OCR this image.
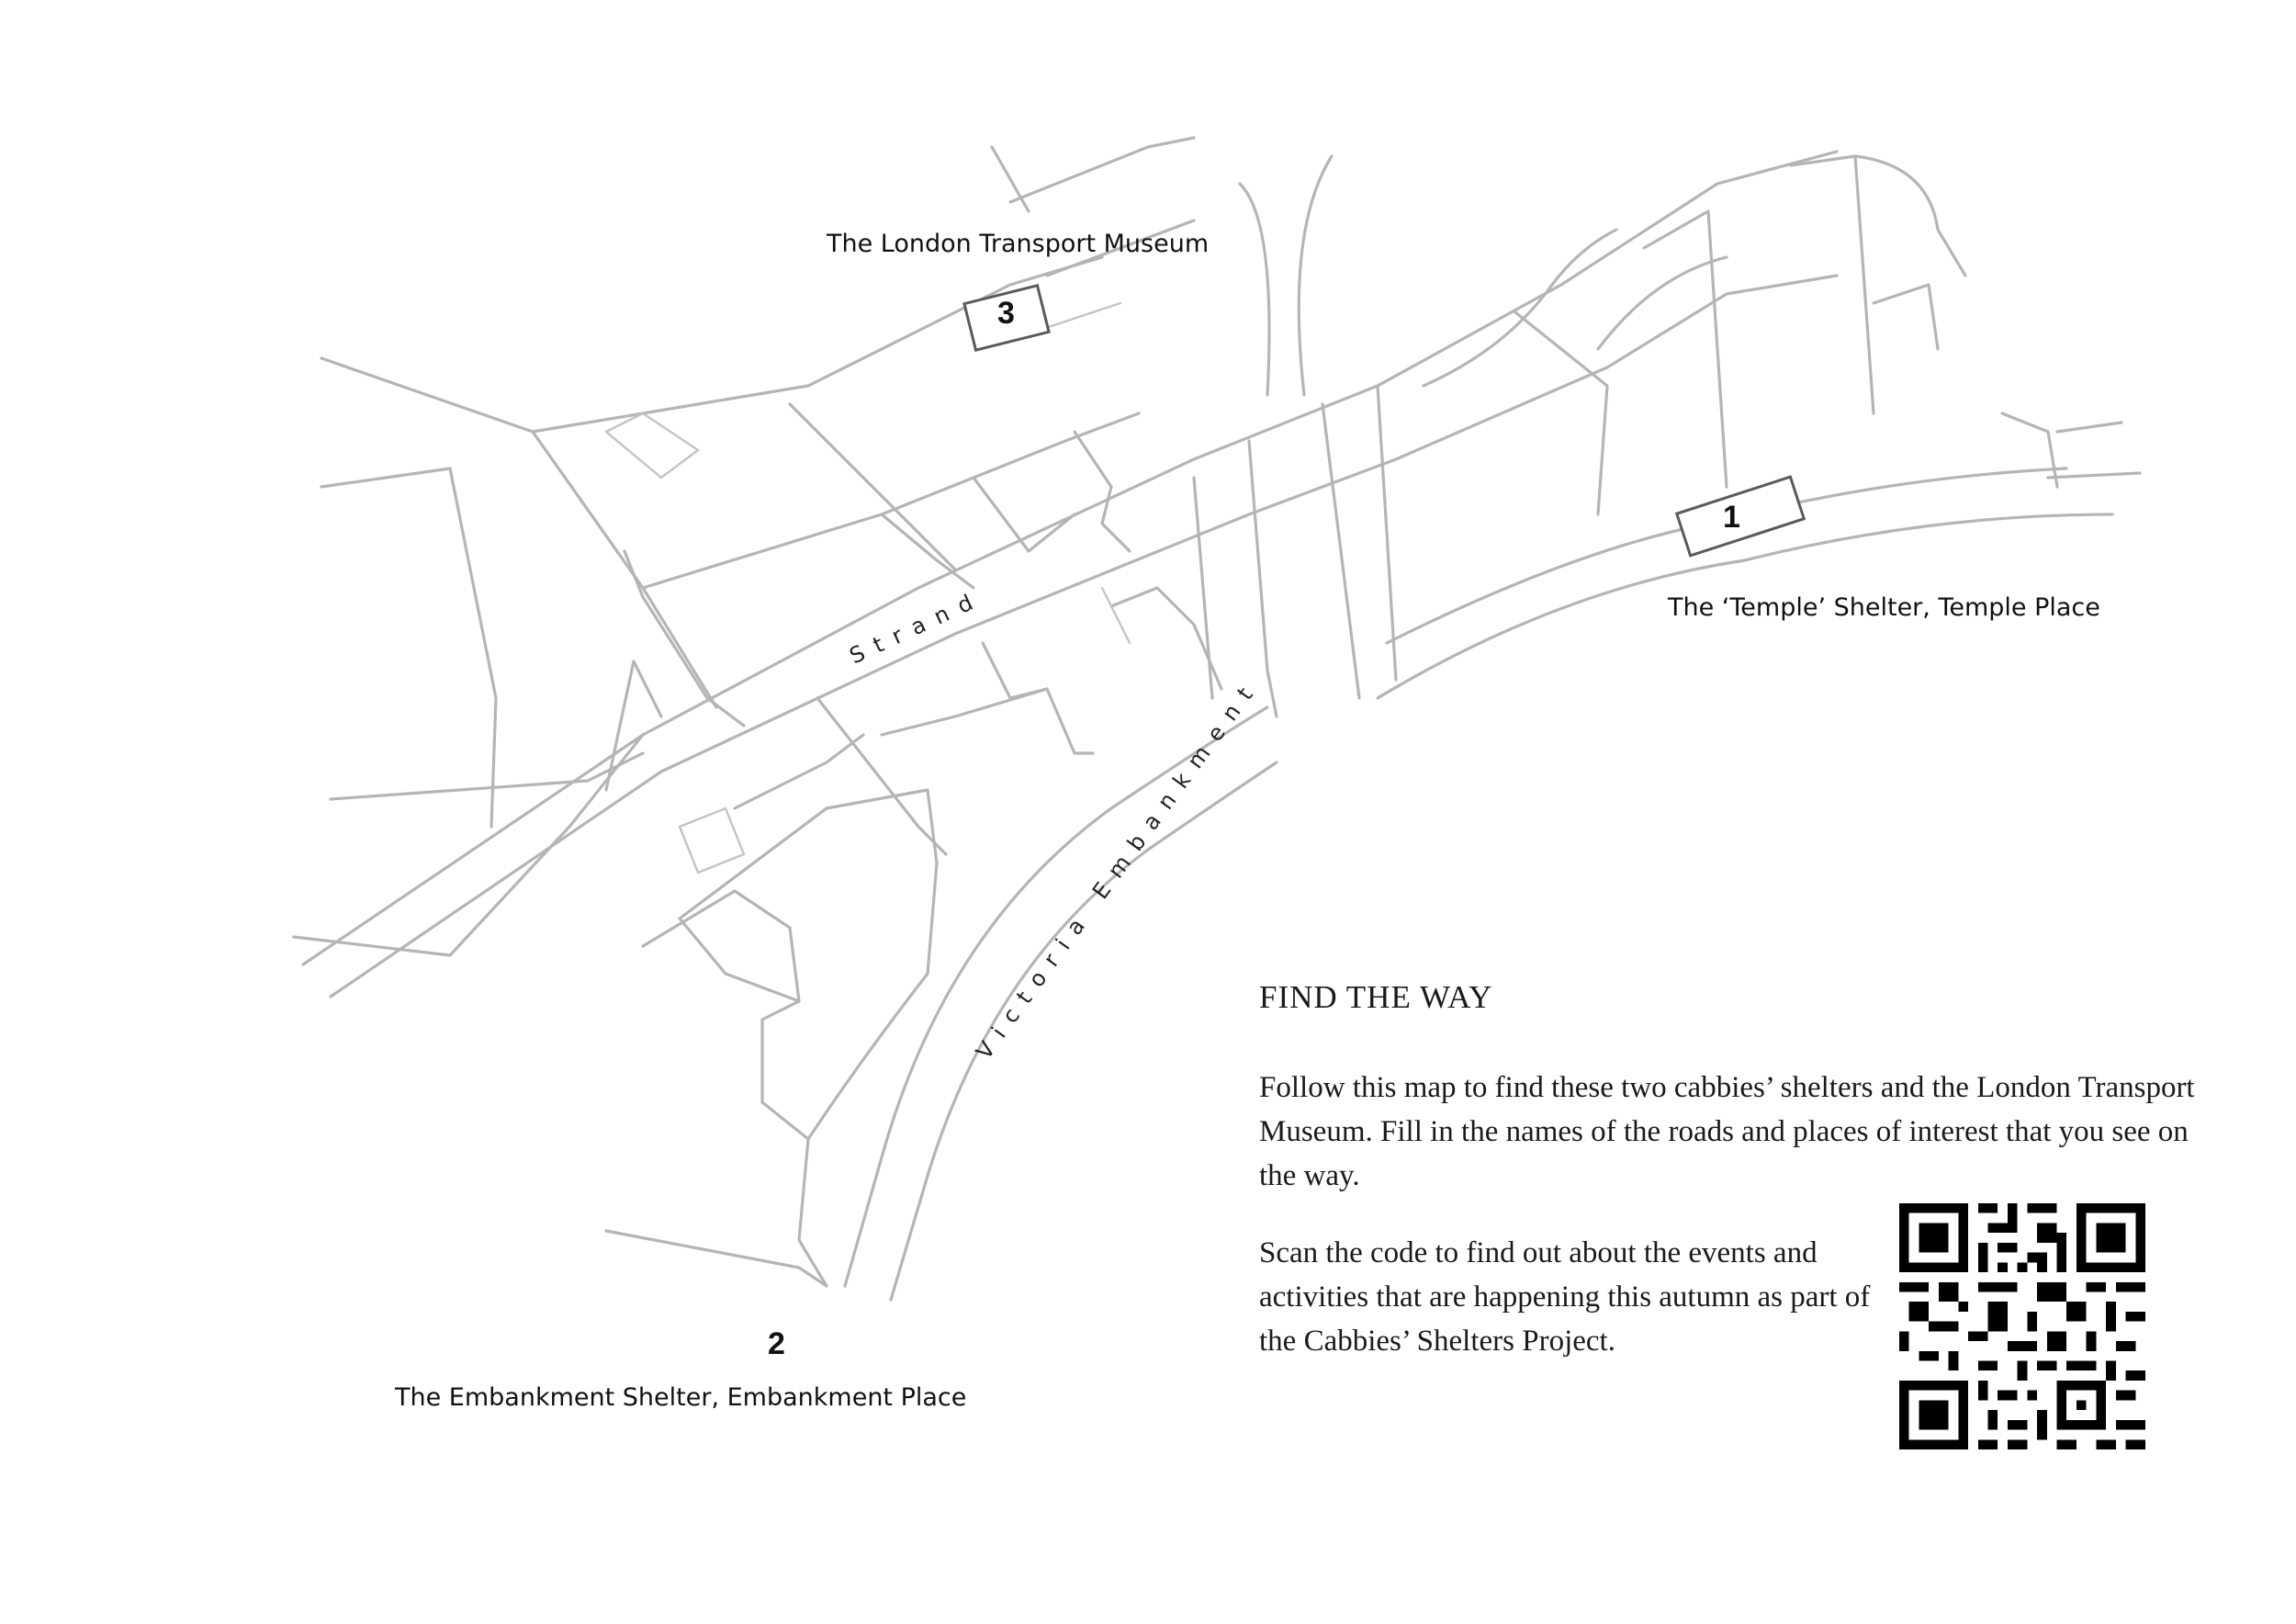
1
2
3
The ‘Temple’ Shelter, Temple Place
The Embankment Shelter, Embankment Place
The London Transport Museum
Strand
Victoria Embankment
FIND THE WAY
Follow this map to find these two cabbies’ shelters and the London Transport Museum. Fill in the names of the roads and places of interest that you see on the way.
Scan the code to find out about the events and activities that are happening this autumn as part of the Cabbies’ Shelters Project.
